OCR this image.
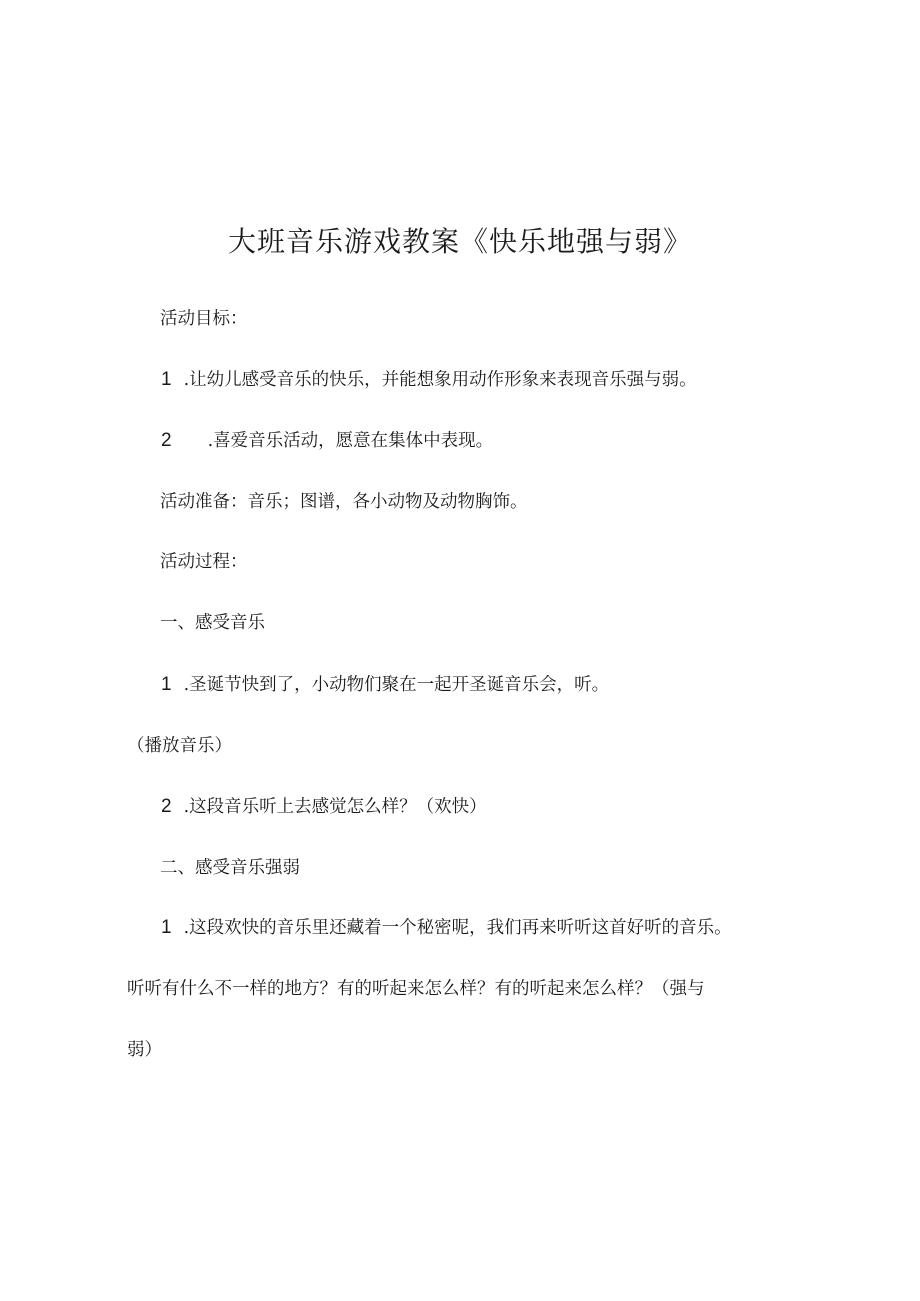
大班音乐游戏教案《快乐地强与弱》
活动目标：
1 .让幼儿感受音乐的快乐，并能想象用动作形象来表现音乐强与弱。
2 .喜爱音乐活动，愿意在集体中表现。
活动准备：音乐；图谱，各小动物及动物胸饰。
活动过程：
一、感受音乐
1 .圣诞节快到了，小动物们聚在一起开圣诞音乐会，听。
（播放音乐）
2 .这段音乐听上去感觉怎么样？（欢快）
二、感受音乐强弱
1 .这段欢快的音乐里还藏着一个秘密呢，我们再来听听这首好听的音乐。
听听有什么不一样的地方？有的听起来怎么样？有的听起来怎么样？（强与
弱）
